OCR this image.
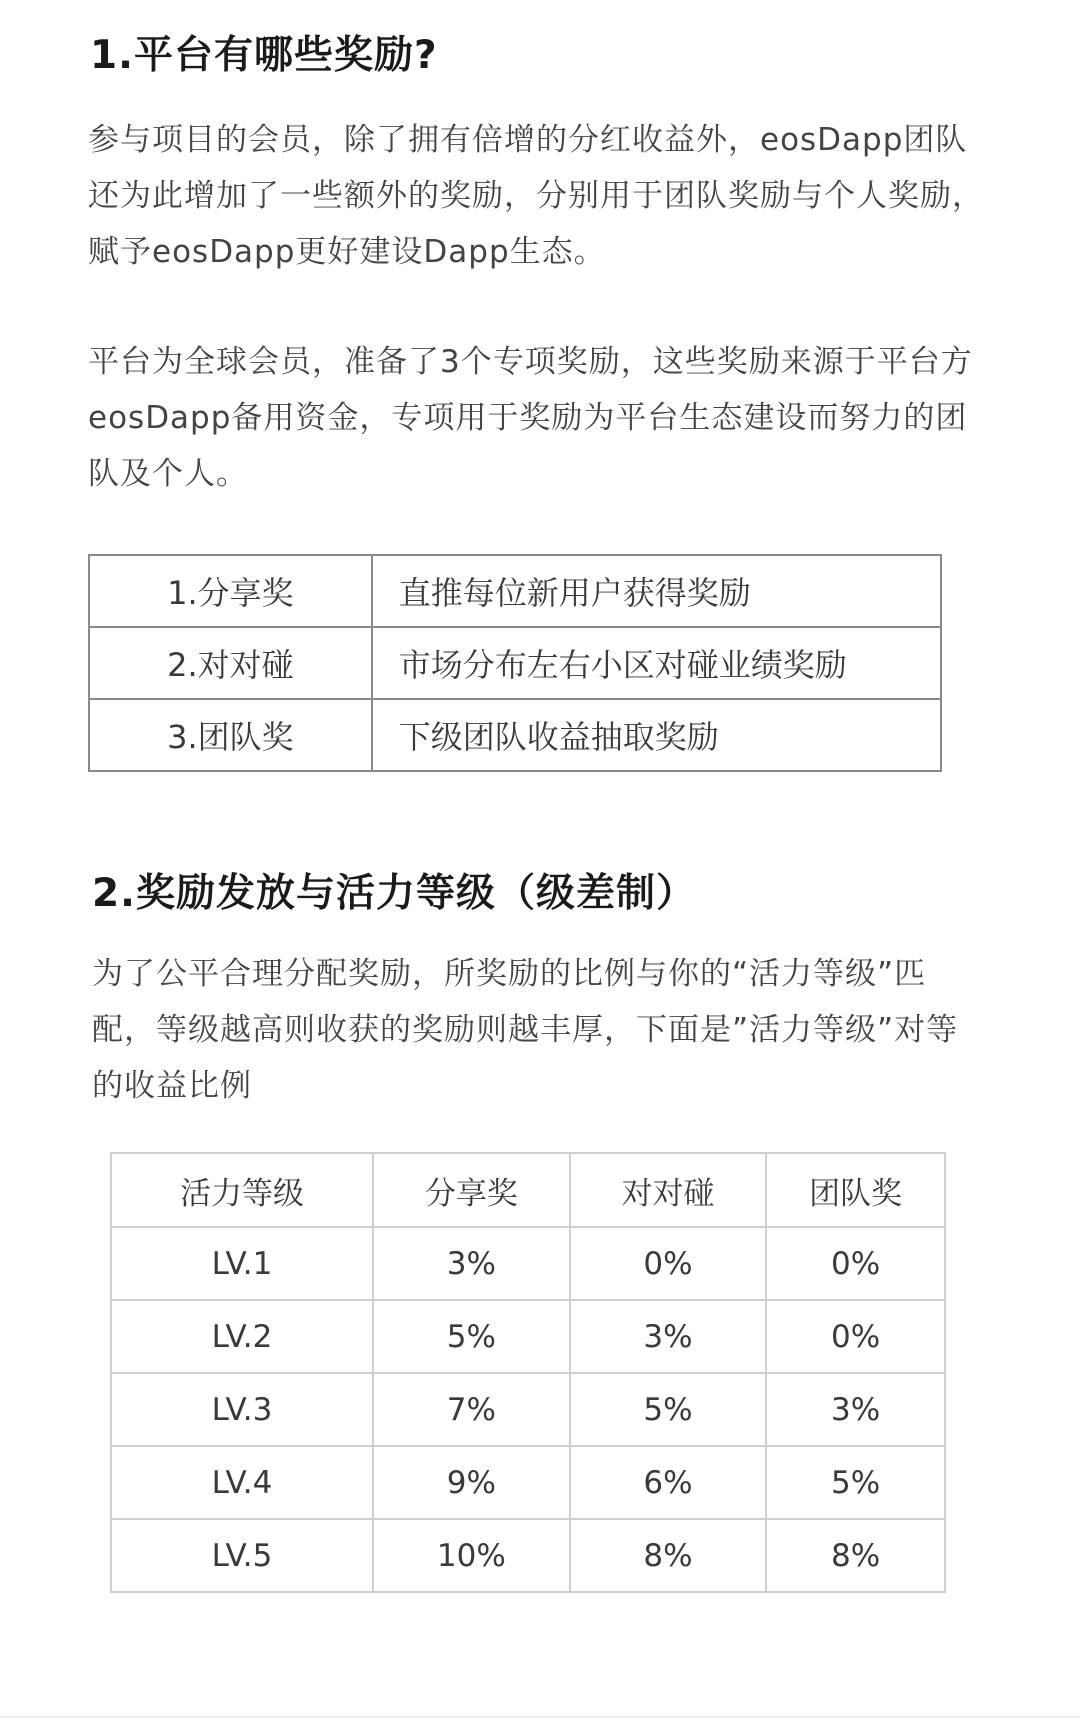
1.平台有哪些奖励?

参与项目的会员，除了拥有倍增的分红收益外，eosDapp团队还为此增加了一些额外的奖励，分别用于团队奖励与个人奖励，赋予eosDapp更好建设Dapp生态。

平台为全球会员，准备了3个专项奖励，这些奖励来源于平台方eosDapp备用资金，专项用于奖励为平台生态建设而努力的团队及个人。

1.分享奖	直推每位新用户获得奖励
2.对对碰	市场分布左右小区对碰业绩奖励
3.团队奖	下级团队收益抽取奖励
2.奖励发放与活力等级（级差制）

为了公平合理分配奖励，所奖励的比例与你的“活力等级”匹配，等级越高则收获的奖励则越丰厚，下面是”活力等级”对等的收益比例

活力等级	分享奖	对对碰	团队奖
LV.1	3%	0%	0%
LV.2	5%	3%	0%
LV.3	7%	5%	3%
LV.4	9%	6%	5%
LV.5	10%	8%	8%
